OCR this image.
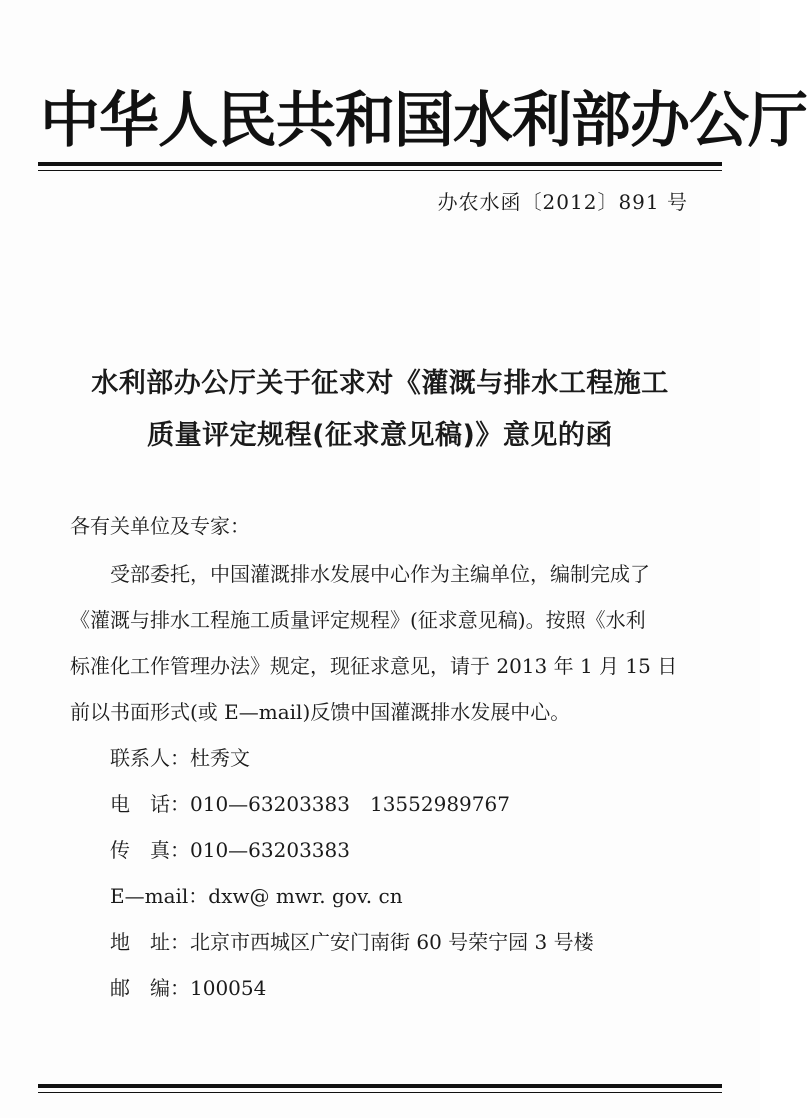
中华人民共和国水利部办公厅
办农水函〔2012〕891 号
水利部办公厅关于征求对《灌溉与排水工程施工
质量评定规程(征求意见稿)》意见的函
各有关单位及专家：
受部委托，中国灌溉排水发展中心作为主编单位，编制完成了
《灌溉与排水工程施工质量评定规程》(征求意见稿)。按照《水利
标准化工作管理办法》规定，现征求意见，请于 2013 年 1 月 15 日
前以书面形式(或 E—mail)反馈中国灌溉排水发展中心。
联系人：杜秀文
电　话：010—63203383　13552989767
传　真：010—63203383
E—mail：dxw@ mwr. gov. cn
地　址：北京市西城区广安门南街 60 号荣宁园 3 号楼
邮　编：100054
